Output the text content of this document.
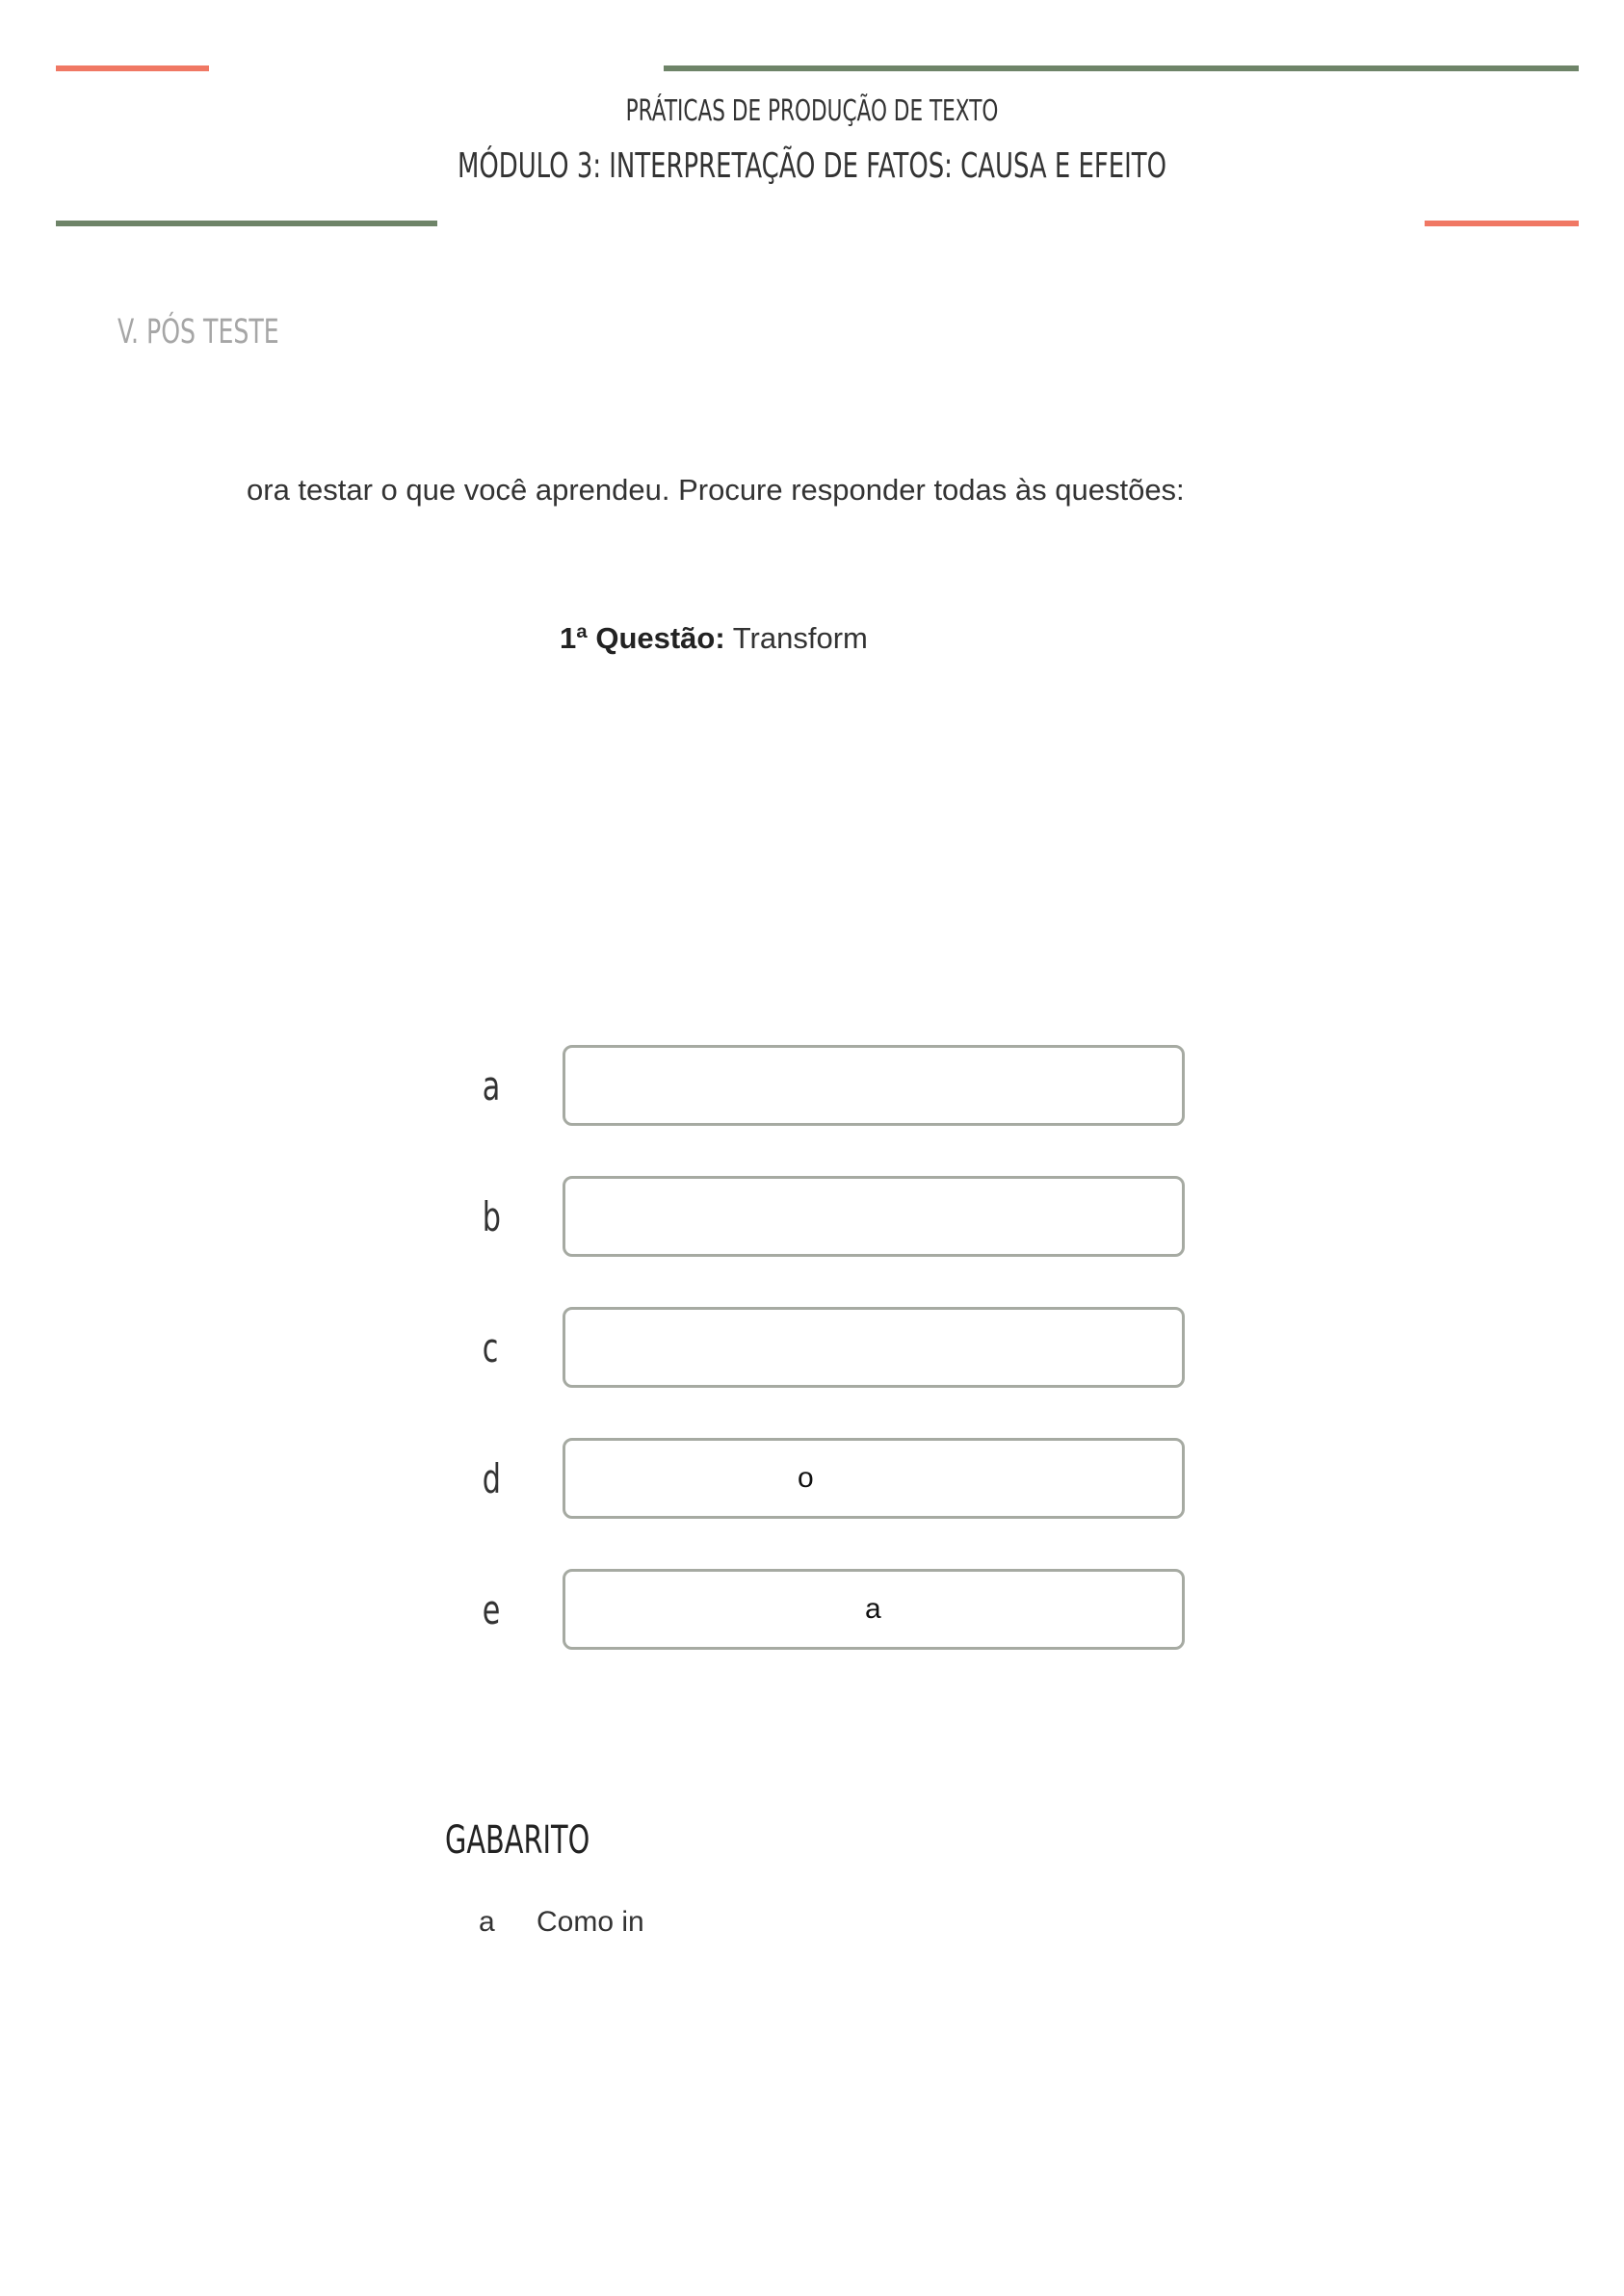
PRÁTICAS DE PRODUÇÃO DE TEXTO
MÓDULO 3: INTERPRETAÇÃO DE FATOS: CAUSA E EFEITO
V. PÓS TESTE
ora testar o que você aprendeu. Procure responder todas às questões:
1ª Questão: Transform
a
b
c
d	o
e	a
GABARITO
a Como in
